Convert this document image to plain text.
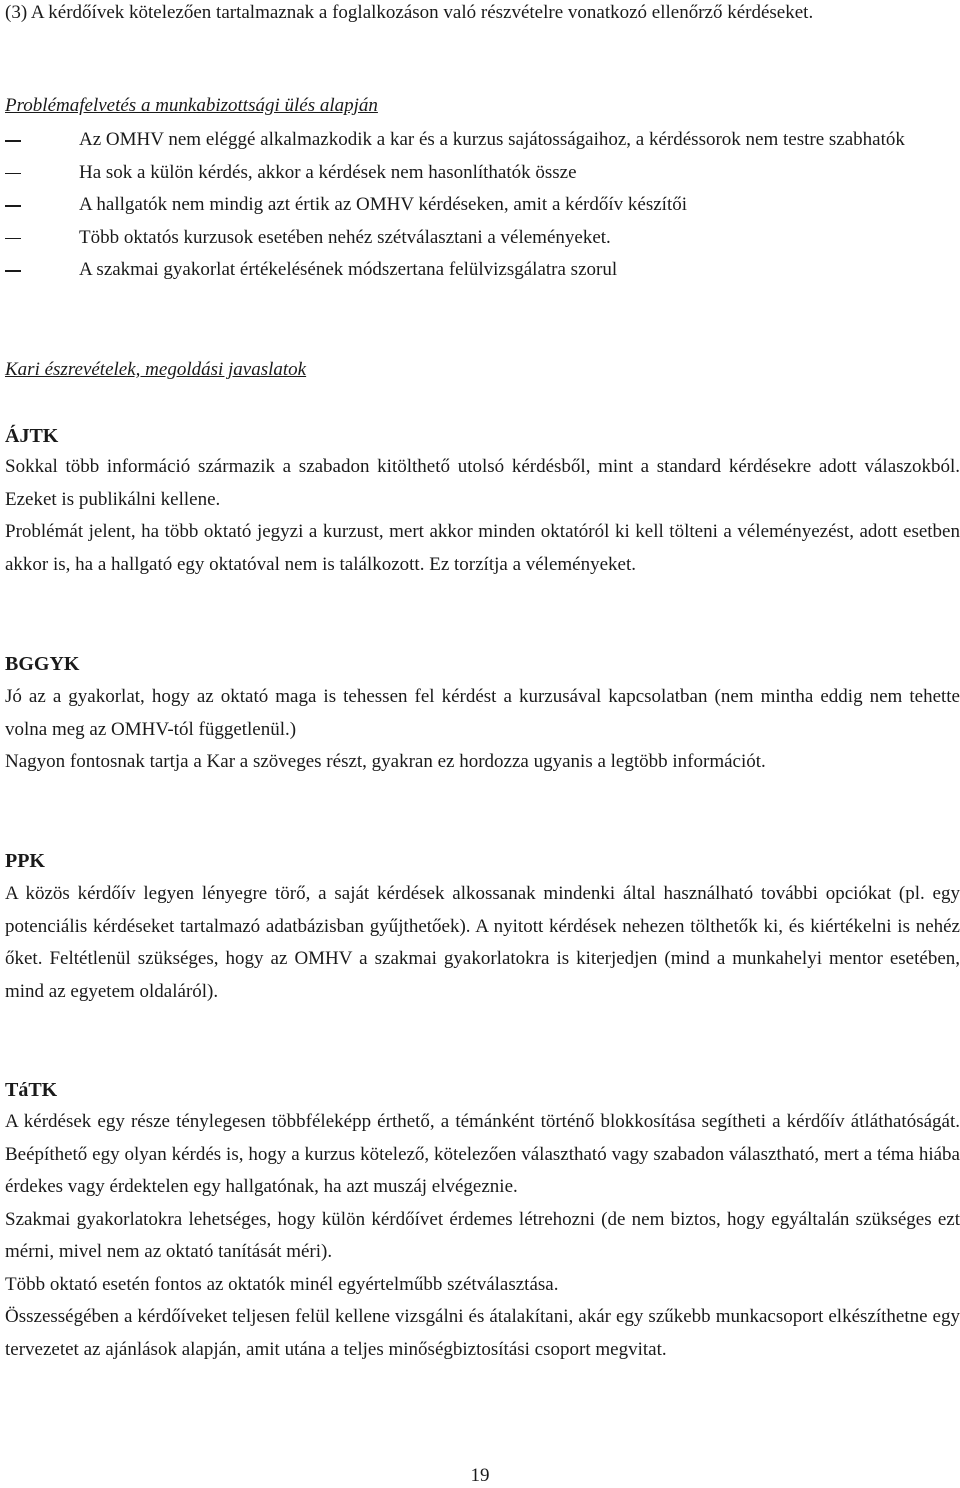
(3) A kérdőívek kötelezően tartalmaznak a foglalkozáson való részvételre vonatkozó ellenőrző kérdéseket.

Problémafelvetés a munkabizottsági ülés alapján

Az OMHV nem eléggé alkalmazkodik a kar és a kurzus sajátosságaihoz, a kérdéssorok nem testre szabhatók
Ha sok a külön kérdés, akkor a kérdések nem hasonlíthatók össze
A hallgatók nem mindig azt értik az OMHV kérdéseken, amit a kérdőív készítői
Több oktatós kurzusok esetében nehéz szétválasztani a véleményeket.
A szakmai gyakorlat értékelésének módszertana felülvizsgálatra szorul

Kari észrevételek, megoldási javaslatok

ÁJTK

Sokkal több információ származik a szabadon kitölthető utolsó kérdésből, mint a standard kérdésekre adott válaszokból. Ezeket is publikálni kellene.

Problémát jelent, ha több oktató jegyzi a kurzust, mert akkor minden oktatóról ki kell tölteni a véleményezést, adott esetben akkor is, ha a hallgató egy oktatóval nem is találkozott. Ez torzítja a véleményeket.

BGGYK

Jó az a gyakorlat, hogy az oktató maga is tehessen fel kérdést a kurzusával kapcsolatban (nem mintha eddig nem tehette volna meg az OMHV-tól függetlenül.)

Nagyon fontosnak tartja a Kar a szöveges részt, gyakran ez hordozza ugyanis a legtöbb információt.

PPK

A közös kérdőív legyen lényegre törő, a saját kérdések alkossanak mindenki által használható további opciókat (pl. egy potenciális kérdéseket tartalmazó adatbázisban gyűjthetőek). A nyitott kérdések nehezen tölthetők ki, és kiértékelni is nehéz őket. Feltétlenül szükséges, hogy az OMHV a szakmai gyakorlatokra is kiterjedjen (mind a munkahelyi mentor esetében, mind az egyetem oldaláról).

TáTK

A kérdések egy része ténylegesen többféleképp érthető, a témánként történő blokkosítása segítheti a kérdőív átláthatóságát. Beépíthető egy olyan kérdés is, hogy a kurzus kötelező, kötelezően választható vagy szabadon választható, mert a téma hiába érdekes vagy érdektelen egy hallgatónak, ha azt muszáj elvégeznie.

Szakmai gyakorlatokra lehetséges, hogy külön kérdőívet érdemes létrehozni (de nem biztos, hogy egyáltalán szükséges ezt mérni, mivel nem az oktató tanítását méri).

Több oktató esetén fontos az oktatók minél egyértelműbb szétválasztása.

Összességében a kérdőíveket teljesen felül kellene vizsgálni és átalakítani, akár egy szűkebb munkacsoport elkészíthetne egy tervezetet az ajánlások alapján, amit utána a teljes minőségbiztosítási csoport megvitat.

19
